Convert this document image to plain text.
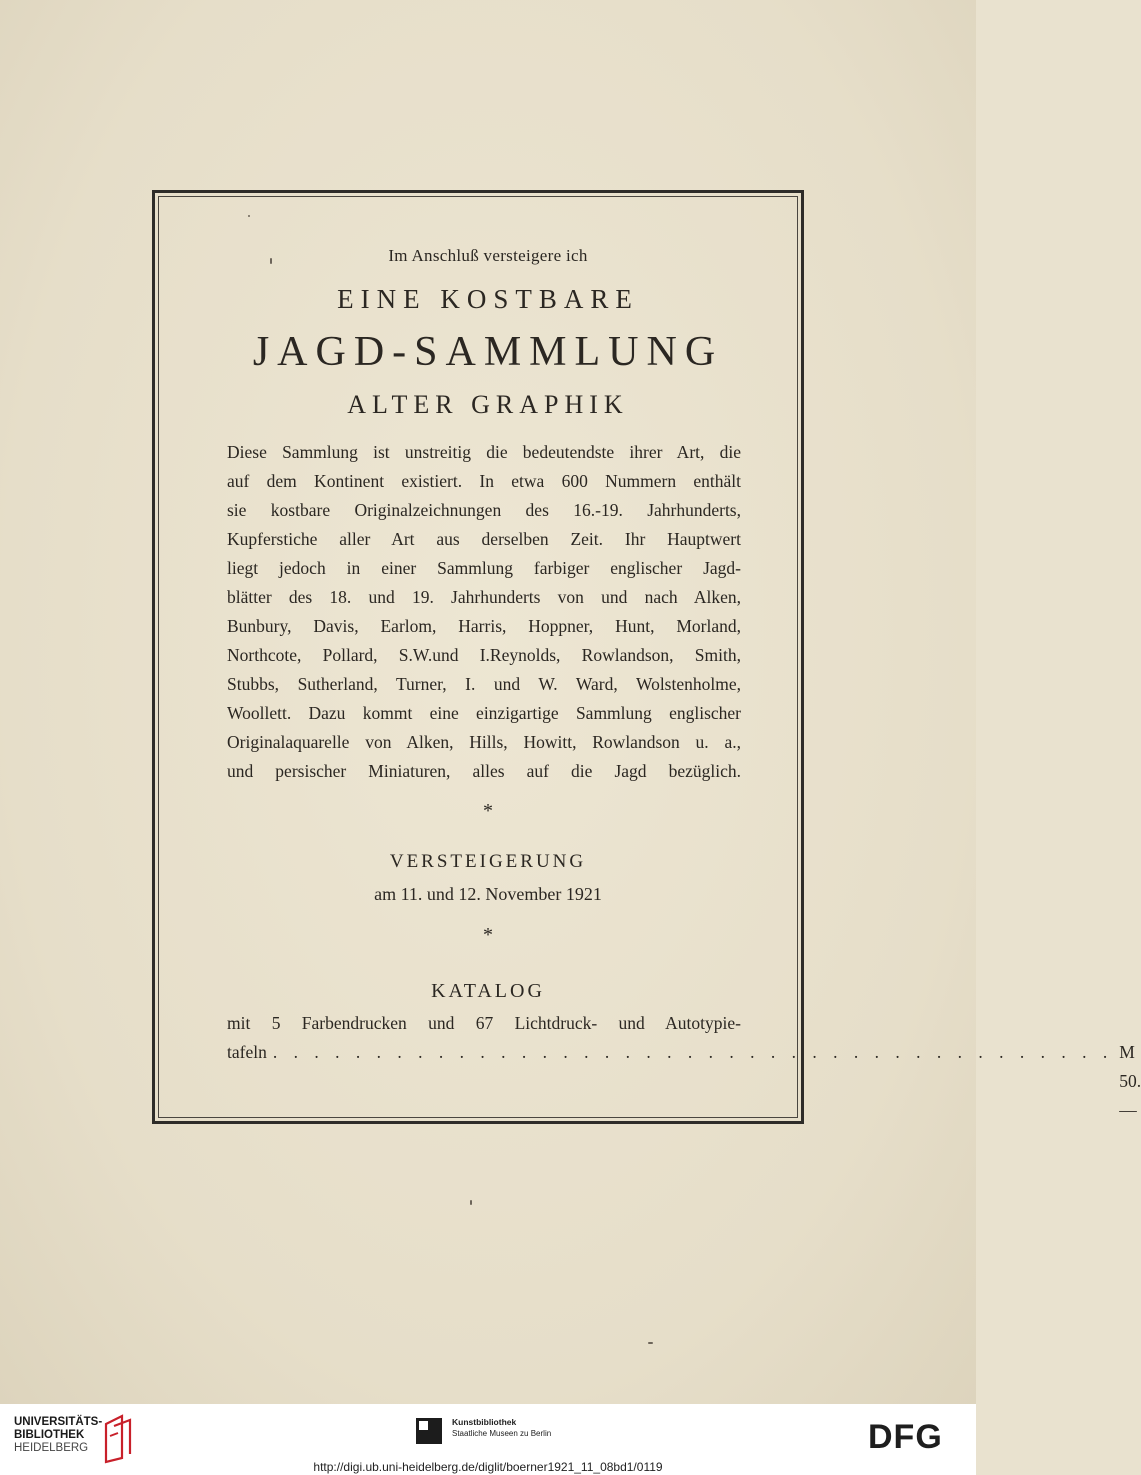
Im Anschluß versteigere ich
EINE KOSTBARE
JAGD-SAMMLUNG
ALTER GRAPHIK
Diese Sammlung ist unstreitig die bedeutendste ihrer Art, die
auf dem Kontinent existiert. In etwa 600 Nummern enthält
sie kostbare Originalzeichnungen des 16.-19. Jahrhunderts,
Kupferstiche aller Art aus derselben Zeit. Ihr Hauptwert
liegt jedoch in einer Sammlung farbiger englischer Jagd-
blätter des 18. und 19. Jahrhunderts von und nach Alken,
Bunbury, Davis, Earlom, Harris, Hoppner, Hunt, Morland,
Northcote, Pollard, S.W.und I.Reynolds, Rowlandson, Smith,
Stubbs, Sutherland, Turner, I. und W. Ward, Wolstenholme,
Woollett. Dazu kommt eine einzigartige Sammlung englischer
Originalaquarelle von Alken, Hills, Howitt, Rowlandson u. a.,
und persischer Miniaturen, alles auf die Jagd bezüglich.
*
VERSTEIGERUNG
am 11. und 12. November 1921
*
KATALOG
mit 5 Farbendrucken und 67 Lichtdruck- und Autotypie-
tafeln . . . . . . . . . . . . . . . . . . . . . . . . . . . . . . . . . . . . . . . . . M 50.—
UNIVERSITÄTS-
BIBLIOTHEK
HEIDELBERG
Kunstbibliothek
Staatliche Museen zu Berlin	DFG
http://digi.ub.uni-heidelberg.de/diglit/boerner1921_11_08bd1/0119
